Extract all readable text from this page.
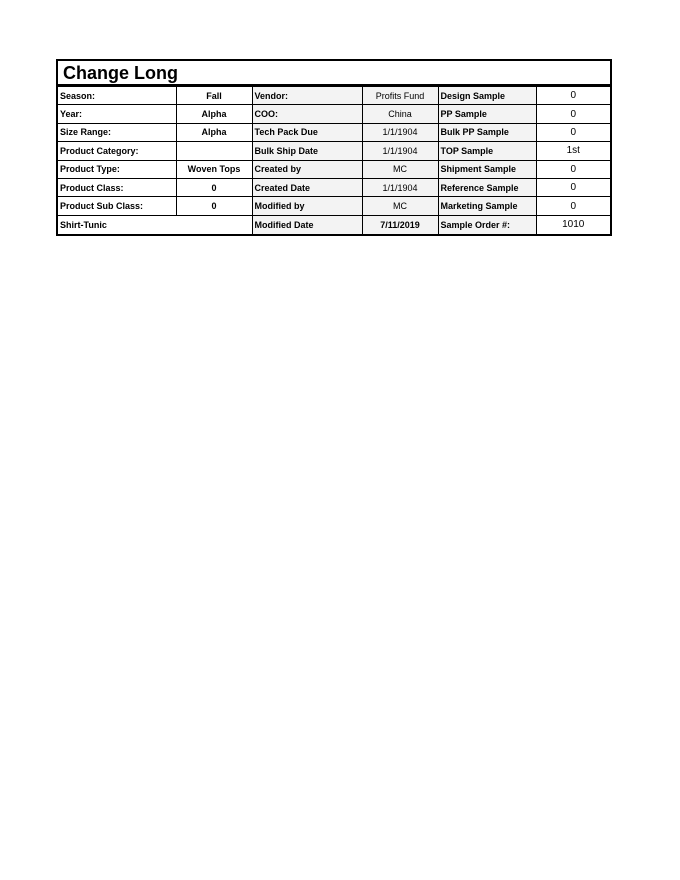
Change Long
Season:	Fall	Vendor:	Profits Fund	Design Sample	0
Year:	Alpha	COO:	China	PP Sample	0
Size Range:	Alpha	Tech Pack Due	1/1/1904	Bulk PP Sample	0
Product Category:		Bulk Ship Date	1/1/1904	TOP Sample	1st
Product Type:	Woven Tops	Created by	MC	Shipment Sample	0
Product Class:	0	Created Date	1/1/1904	Reference Sample	0
Product Sub Class:	0	Modified by	MC	Marketing Sample	0
Shirt-Tunic		Modified Date	7/11/2019	Sample Order #:	1010
